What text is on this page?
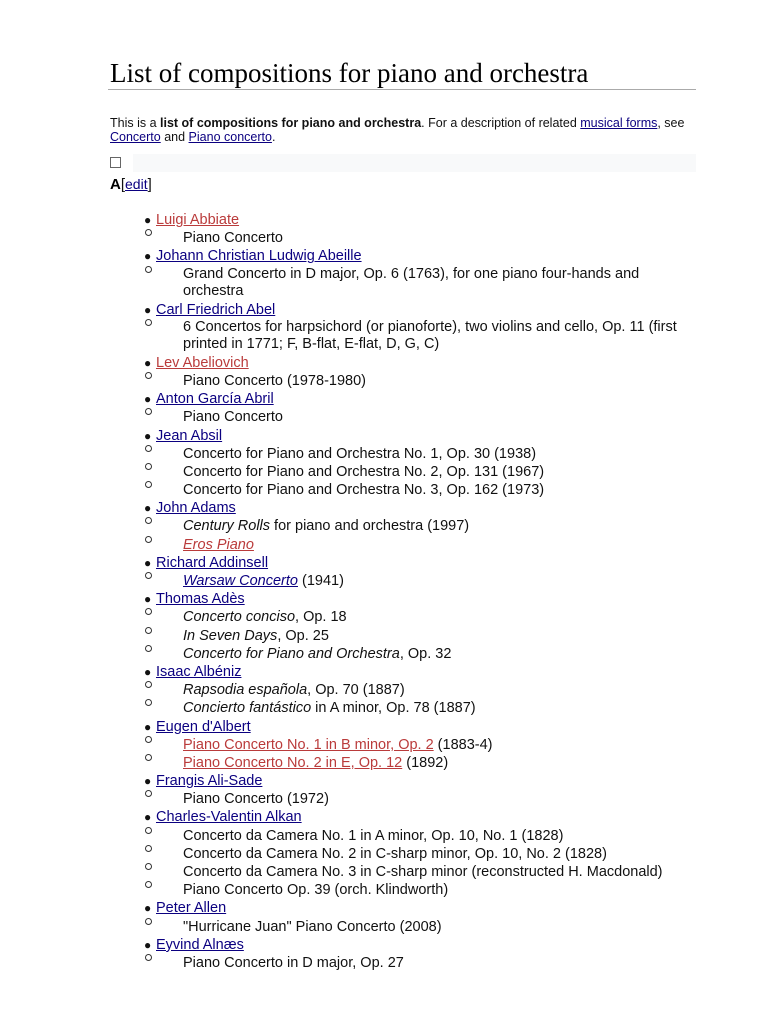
List of compositions for piano and orchestra
This is a list of compositions for piano and orchestra. For a description of related musical forms, see Concerto and Piano concerto.
A[edit]
● Luigi Abbiate
Piano Concerto
● Johann Christian Ludwig Abeille
Grand Concerto in D major, Op. 6 (1763), for one piano four-hands and orchestra
● Carl Friedrich Abel
6 Concertos for harpsichord (or pianoforte), two violins and cello, Op. 11 (first printed in 1771; F, B-flat, E-flat, D, G, C)
● Lev Abeliovich
Piano Concerto (1978-1980)
● Anton García Abril
Piano Concerto
● Jean Absil
Concerto for Piano and Orchestra No. 1, Op. 30 (1938)
Concerto for Piano and Orchestra No. 2, Op. 131 (1967)
Concerto for Piano and Orchestra No. 3, Op. 162 (1973)
● John Adams
Century Rolls for piano and orchestra (1997)
Eros Piano
● Richard Addinsell
Warsaw Concerto (1941)
● Thomas Adès
Concerto conciso, Op. 18
In Seven Days, Op. 25
Concerto for Piano and Orchestra, Op. 32
● Isaac Albéniz
Rapsodia española, Op. 70 (1887)
Concierto fantástico in A minor, Op. 78 (1887)
● Eugen d'Albert
Piano Concerto No. 1 in B minor, Op. 2 (1883-4)
Piano Concerto No. 2 in E, Op. 12 (1892)
● Frangis Ali-Sade
Piano Concerto (1972)
● Charles-Valentin Alkan
Concerto da Camera No. 1 in A minor, Op. 10, No. 1 (1828)
Concerto da Camera No. 2 in C-sharp minor, Op. 10, No. 2 (1828)
Concerto da Camera No. 3 in C-sharp minor (reconstructed H. Macdonald)
Piano Concerto Op. 39 (orch. Klindworth)
● Peter Allen
"Hurricane Juan" Piano Concerto (2008)
● Eyvind Alnæs
Piano Concerto in D major, Op. 27
